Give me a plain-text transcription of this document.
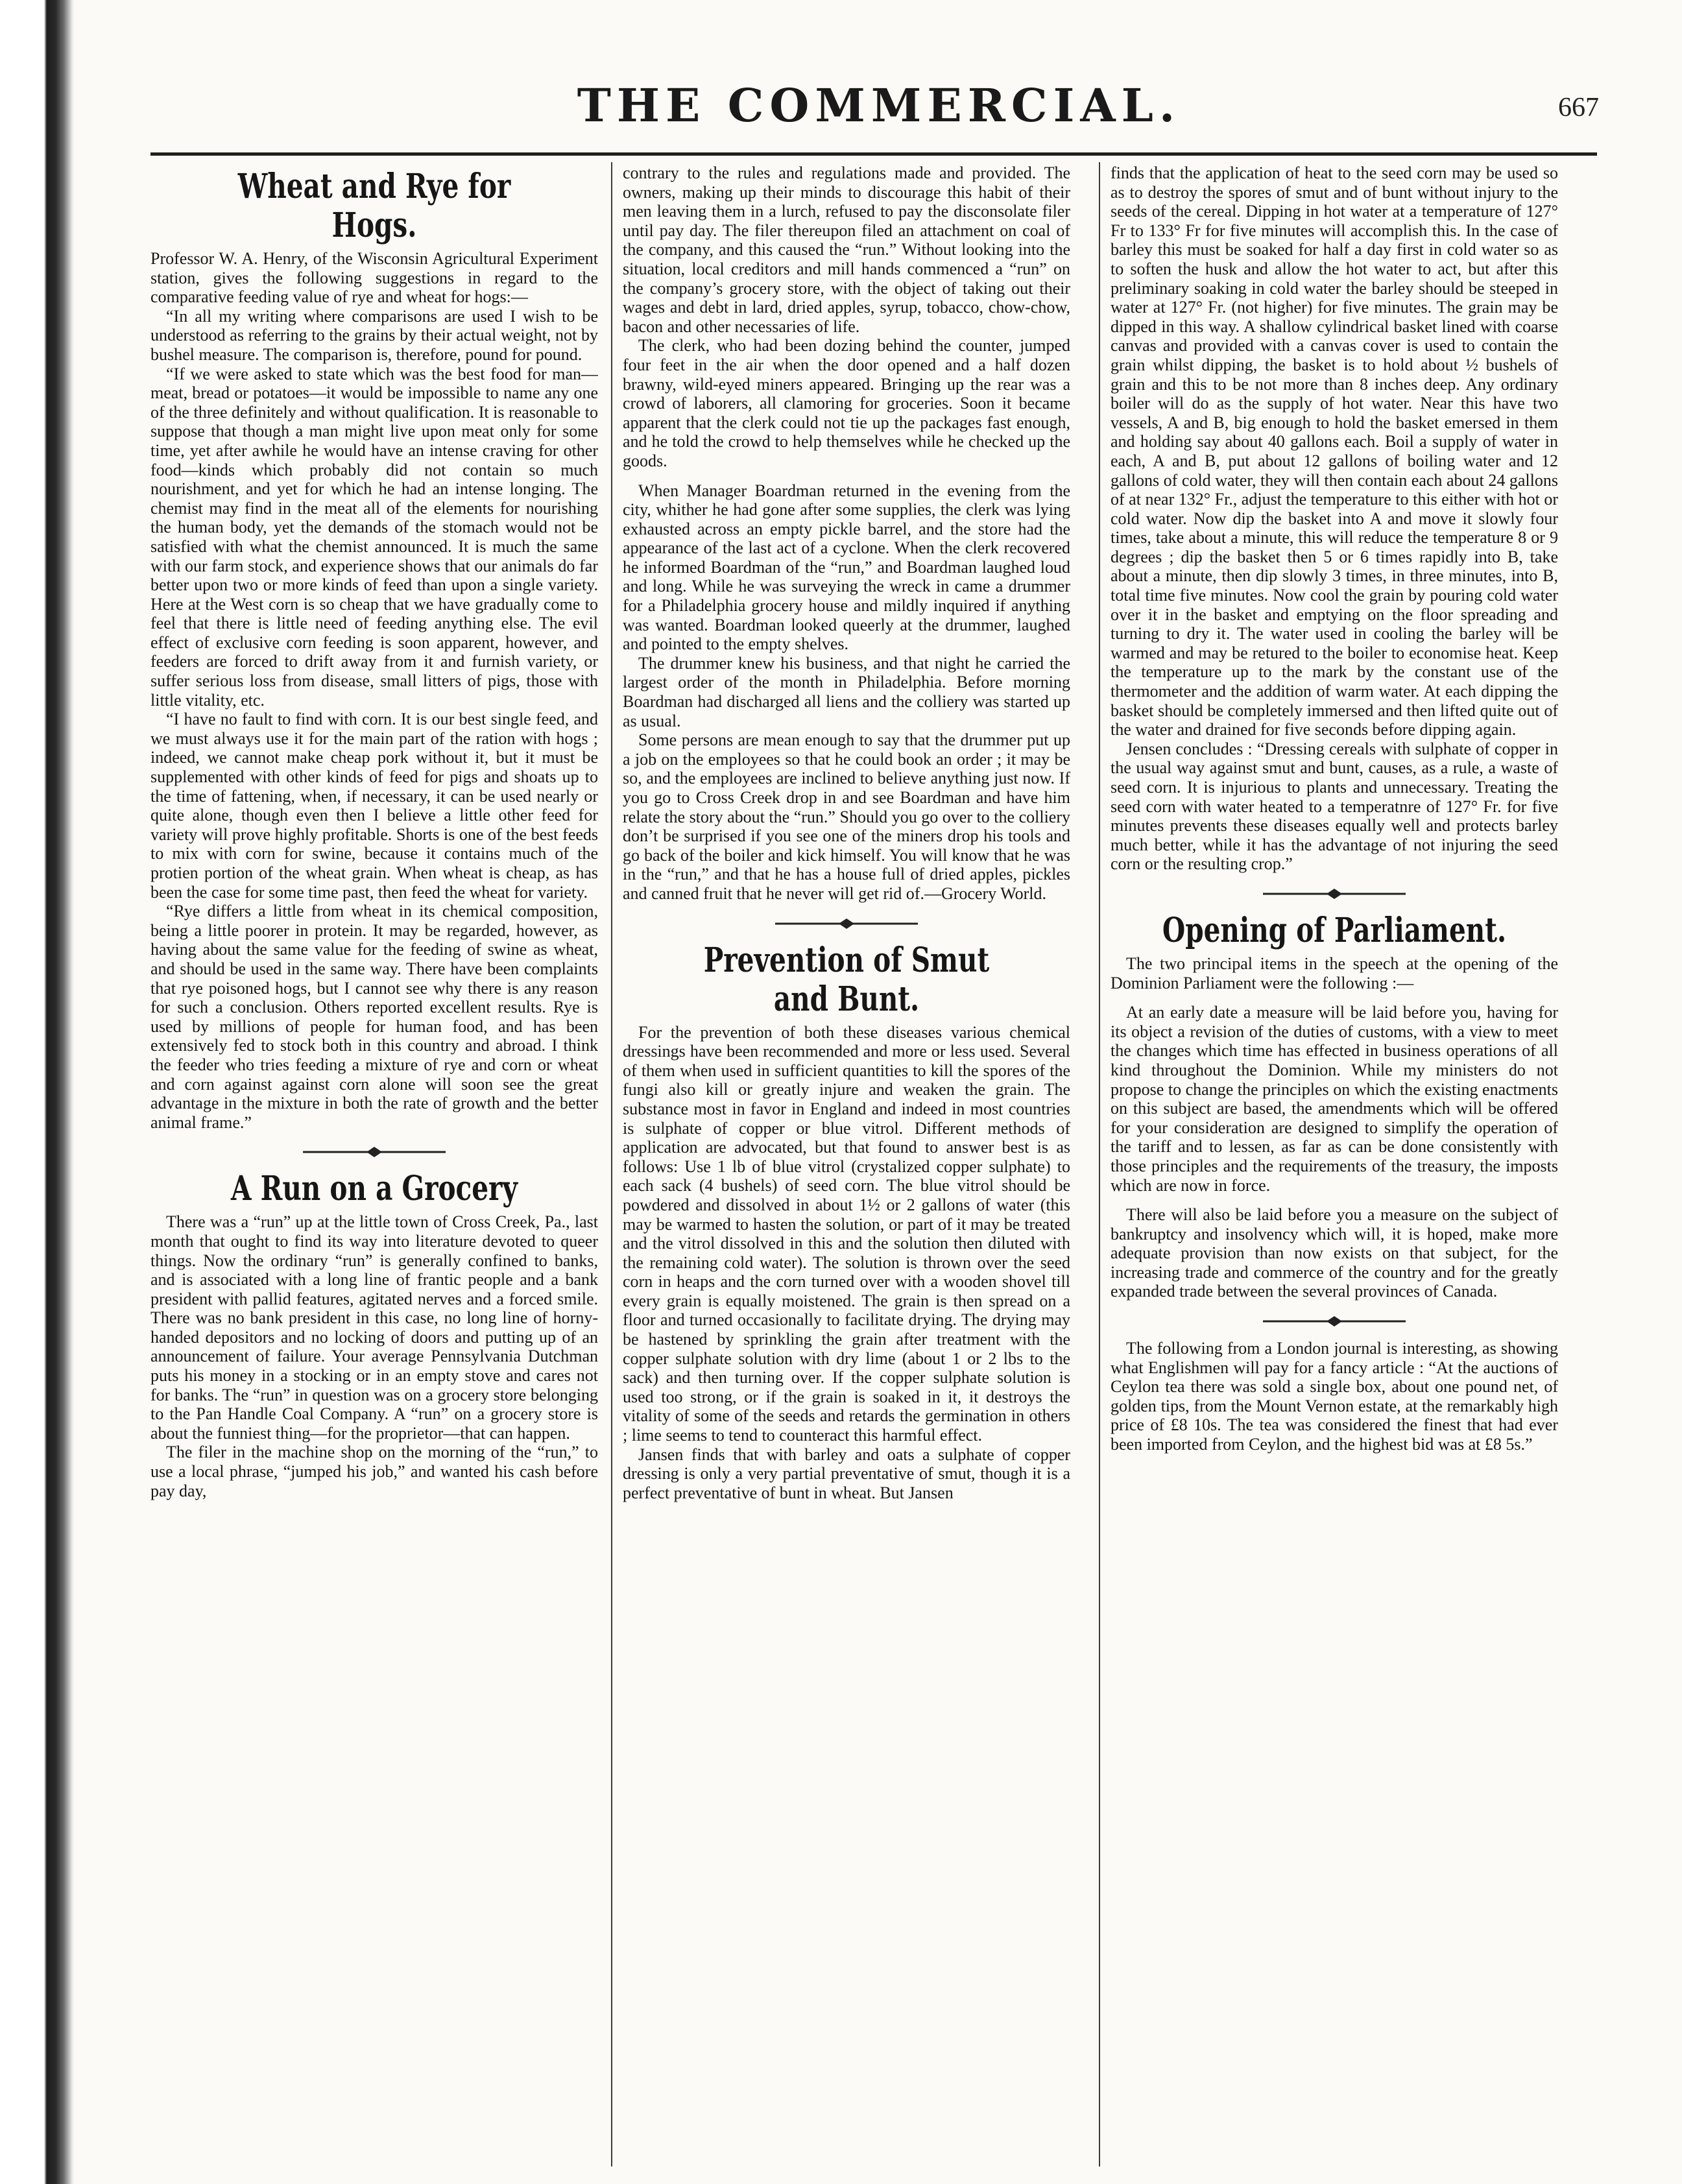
THE COMMERCIAL.	667
Wheat and Rye for Hogs.

Professor W. A. Henry, of the Wisconsin Agricultural Experiment station, gives the following suggestions in regard to the comparative feeding value of rye and wheat for hogs:—

“In all my writing where comparisons are used I wish to be understood as referring to the grains by their actual weight, not by bushel measure. The comparison is, therefore, pound for pound.

“If we were asked to state which was the best food for man—meat, bread or potatoes—it would be impossible to name any one of the three definitely and without qualification. It is reasonable to suppose that though a man might live upon meat only for some time, yet after awhile he would have an intense craving for other food—kinds which probably did not contain so much nourishment, and yet for which he had an intense longing. The chemist may find in the meat all of the elements for nourishing the human body, yet the demands of the stomach would not be satisfied with what the chemist announced. It is much the same with our farm stock, and experience shows that our animals do far better upon two or more kinds of feed than upon a single variety. Here at the West corn is so cheap that we have gradually come to feel that there is little need of feeding anything else. The evil effect of exclusive corn feeding is soon apparent, however, and feeders are forced to drift away from it and furnish variety, or suffer serious loss from disease, small litters of pigs, those with little vitality, etc.

“I have no fault to find with corn. It is our best single feed, and we must always use it for the main part of the ration with hogs ; indeed, we cannot make cheap pork without it, but it must be supplemented with other kinds of feed for pigs and shoats up to the time of fattening, when, if necessary, it can be used nearly or quite alone, though even then I believe a little other feed for variety will prove highly profitable. Shorts is one of the best feeds to mix with corn for swine, because it contains much of the protien portion of the wheat grain. When wheat is cheap, as has been the case for some time past, then feed the wheat for variety.

“Rye differs a little from wheat in its chemical composition, being a little poorer in protein. It may be regarded, however, as having about the same value for the feeding of swine as wheat, and should be used in the same way. There have been complaints that rye poisoned hogs, but I cannot see why there is any reason for such a conclusion. Others reported excellent results. Rye is used by millions of people for human food, and has been extensively fed to stock both in this country and abroad. I think the feeder who tries feeding a mixture of rye and corn or wheat and corn against against corn alone will soon see the great advantage in the mixture in both the rate of growth and the better animal frame.”

A Run on a Grocery

There was a “run” up at the little town of Cross Creek, Pa., last month that ought to find its way into literature devoted to queer things. Now the ordinary “run” is generally confined to banks, and is associated with a long line of frantic people and a bank president with pallid features, agitated nerves and a forced smile. There was no bank president in this case, no long line of horny-handed depositors and no locking of doors and putting up of an announcement of failure. Your average Pennsylvania Dutchman puts his money in a stocking or in an empty stove and cares not for banks. The “run” in question was on a grocery store belonging to the Pan Handle Coal Company. A “run” on a grocery store is about the funniest thing—for the proprietor—that can happen.

The filer in the machine shop on the morning of the “run,” to use a local phrase, “jumped his job,” and wanted his cash before pay day,

contrary to the rules and regulations made and provided. The owners, making up their minds to discourage this habit of their men leaving them in a lurch, refused to pay the disconsolate filer until pay day. The filer thereupon filed an attachment on coal of the company, and this caused the “run.” Without looking into the situation, local creditors and mill hands commenced a “run” on the company’s grocery store, with the object of taking out their wages and debt in lard, dried apples, syrup, tobacco, chow-chow, bacon and other necessaries of life.

The clerk, who had been dozing behind the counter, jumped four feet in the air when the door opened and a half dozen brawny, wild-eyed miners appeared. Bringing up the rear was a crowd of laborers, all clamoring for groceries. Soon it became apparent that the clerk could not tie up the packages fast enough, and he told the crowd to help themselves while he checked up the goods.

When Manager Boardman returned in the evening from the city, whither he had gone after some supplies, the clerk was lying exhausted across an empty pickle barrel, and the store had the appearance of the last act of a cyclone. When the clerk recovered he informed Boardman of the “run,” and Boardman laughed loud and long. While he was surveying the wreck in came a drummer for a Philadelphia grocery house and mildly inquired if anything was wanted. Boardman looked queerly at the drummer, laughed and pointed to the empty shelves.

The drummer knew his business, and that night he carried the largest order of the month in Philadelphia. Before morning Boardman had discharged all liens and the colliery was started up as usual.

Some persons are mean enough to say that the drummer put up a job on the employees so that he could book an order ; it may be so, and the employees are inclined to believe anything just now. If you go to Cross Creek drop in and see Boardman and have him relate the story about the “run.” Should you go over to the colliery don’t be surprised if you see one of the miners drop his tools and go back of the boiler and kick himself. You will know that he was in the “run,” and that he has a house full of dried apples, pickles and canned fruit that he never will get rid of.—Grocery World.

Prevention of Smut and Bunt.

For the prevention of both these diseases various chemical dressings have been recommended and more or less used. Several of them when used in sufficient quantities to kill the spores of the fungi also kill or greatly injure and weaken the grain. The substance most in favor in England and indeed in most countries is sulphate of copper or blue vitrol. Different methods of application are advocated, but that found to answer best is as follows: Use 1 lb of blue vitrol (crystalized copper sulphate) to each sack (4 bushels) of seed corn. The blue vitrol should be powdered and dissolved in about 1½ or 2 gallons of water (this may be warmed to hasten the solution, or part of it may be treated and the vitrol dissolved in this and the solution then diluted with the remaining cold water). The solution is thrown over the seed corn in heaps and the corn turned over with a wooden shovel till every grain is equally moistened. The grain is then spread on a floor and turned occasionally to facilitate drying. The drying may be hastened by sprinkling the grain after treatment with the copper sulphate solution with dry lime (about 1 or 2 lbs to the sack) and then turning over. If the copper sulphate solution is used too strong, or if the grain is soaked in it, it destroys the vitality of some of the seeds and retards the germination in others ; lime seems to tend to counteract this harmful effect.

Jansen finds that with barley and oats a sulphate of copper dressing is only a very partial preventative of smut, though it is a perfect preventative of bunt in wheat. But Jansen

finds that the application of heat to the seed corn may be used so as to destroy the spores of smut and of bunt without injury to the seeds of the cereal. Dipping in hot water at a temperature of 127° Fr to 133° Fr for five minutes will accomplish this. In the case of barley this must be soaked for half a day first in cold water so as to soften the husk and allow the hot water to act, but after this preliminary soaking in cold water the barley should be steeped in water at 127° Fr. (not higher) for five minutes. The grain may be dipped in this way. A shallow cylindrical basket lined with coarse canvas and provided with a canvas cover is used to contain the grain whilst dipping, the basket is to hold about ½ bushels of grain and this to be not more than 8 inches deep. Any ordinary boiler will do as the supply of hot water. Near this have two vessels, A and B, big enough to hold the basket emersed in them and holding say about 40 gallons each. Boil a supply of water in each, A and B, put about 12 gallons of boiling water and 12 gallons of cold water, they will then contain each about 24 gallons of at near 132° Fr., adjust the temperature to this either with hot or cold water. Now dip the basket into A and move it slowly four times, take about a minute, this will reduce the temperature 8 or 9 degrees ; dip the basket then 5 or 6 times rapidly into B, take about a minute, then dip slowly 3 times, in three minutes, into B, total time five minutes. Now cool the grain by pouring cold water over it in the basket and emptying on the floor spreading and turning to dry it. The water used in cooling the barley will be warmed and may be retured to the boiler to economise heat. Keep the temperature up to the mark by the constant use of the thermometer and the addition of warm water. At each dipping the basket should be completely immersed and then lifted quite out of the water and drained for five seconds before dipping again.

Jensen concludes : “Dressing cereals with sulphate of copper in the usual way against smut and bunt, causes, as a rule, a waste of seed corn. It is injurious to plants and unnecessary. Treating the seed corn with water heated to a temperatnre of 127° Fr. for five minutes prevents these diseases equally well and protects barley much better, while it has the advantage of not injuring the seed corn or the resulting crop.”

Opening of Parliament.

The two principal items in the speech at the opening of the Dominion Parliament were the following :—

At an early date a measure will be laid before you, having for its object a revision of the duties of customs, with a view to meet the changes which time has effected in business operations of all kind throughout the Dominion. While my ministers do not propose to change the principles on which the existing enactments on this subject are based, the amendments which will be offered for your consideration are designed to simplify the operation of the tariff and to lessen, as far as can be done consistently with those principles and the requirements of the treasury, the imposts which are now in force.

There will also be laid before you a measure on the subject of bankruptcy and insolvency which will, it is hoped, make more adequate provision than now exists on that subject, for the increasing trade and commerce of the country and for the greatly expanded trade between the several provinces of Canada.

The following from a London journal is interesting, as showing what Englishmen will pay for a fancy article : “At the auctions of Ceylon tea there was sold a single box, about one pound net, of golden tips, from the Mount Vernon estate, at the remarkably high price of £8 10s. The tea was considered the finest that had ever been imported from Ceylon, and the highest bid was at £8 5s.”
